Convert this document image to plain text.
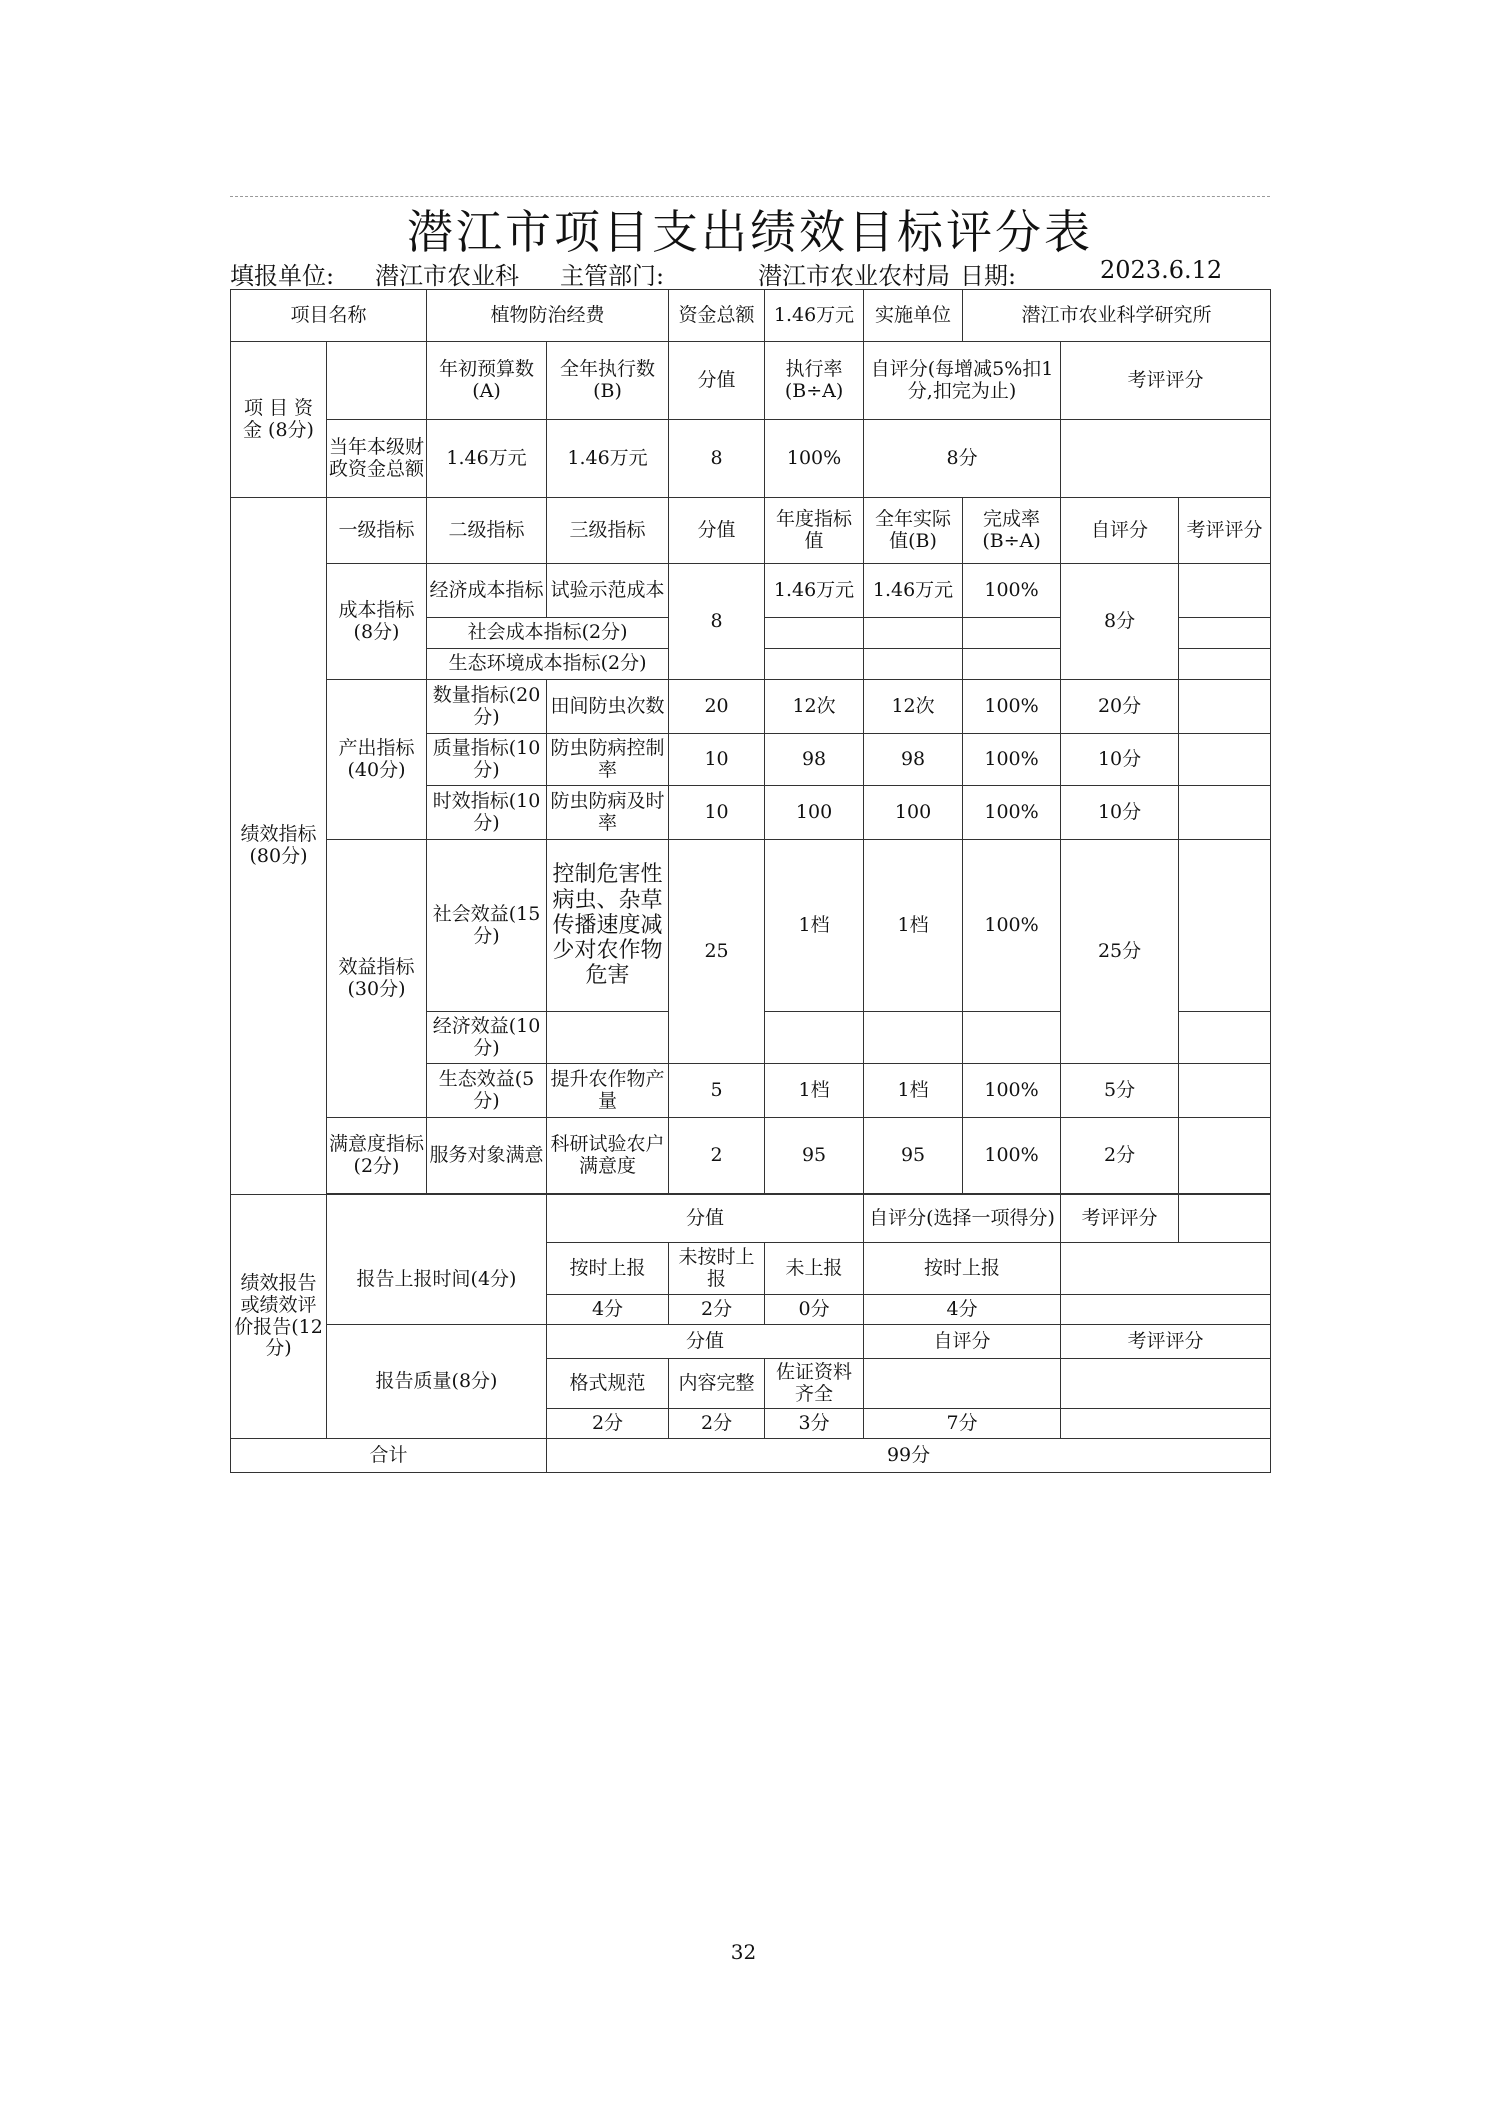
潜江市项目支出绩效目标评分表
填报单位: 潜江市农业科 主管部门:	潜江市农业农村局 日期:	2023.6.12
项目名称		植物防治经费		资金总额	1.46万元	实施单位	潜江市农业科学研究所		
项 目 资 金 (8分)		年初预算数(A)	全年执行数(B)	分值	执行率(B÷A)	自评分(每增减5%扣1分,扣完为止)		考评评分	
	当年本级财政资金总额	1.46万元	1.46万元	8	100%	8分			
绩效指标(80分)	一级指标	二级指标	三级指标	分值	年度指标值	全年实际值(B)	完成率(B÷A)	自评分	考评评分
	成本指标(8分)	经济成本指标	试验示范成本	8	1.46万元	1.46万元	100%	8分	
		社会成本指标(2分)							
		生态环境成本指标(2分)							
	产出指标(40分)	数量指标(20分)	田间防虫次数	20	12次	12次	100%	20分	
		质量指标(10分)	防虫防病控制率	10	98	98	100%	10分	
		时效指标(10分)	防虫防病及时率	10	100	100	100%	10分	
	效益指标(30分)	社会效益(15分)	控制危害性病虫、杂草传播速度减少对农作物危害	25	1档	1档	100%	25分	
		经济效益(10分)							
		生态效益(5分)	提升农作物产量	5	1档	1档	100%	5分	
	满意度指标(2分)	服务对象满意	科研试验农户满意度	2	95	95	100%	2分	

绩效报告或绩效评价报告(12分)	报告上报时间(4分)		分值			自评分(选择一项得分)		考评评分	
			按时上报	未按时上报	未上报	按时上报			
			4分	2分	0分	4分			
	报告质量(8分)		分值			自评分		考评评分	
			格式规范	内容完整	佐证资料齐全				
			2分	2分	3分	7分			
合计			99分						
32
